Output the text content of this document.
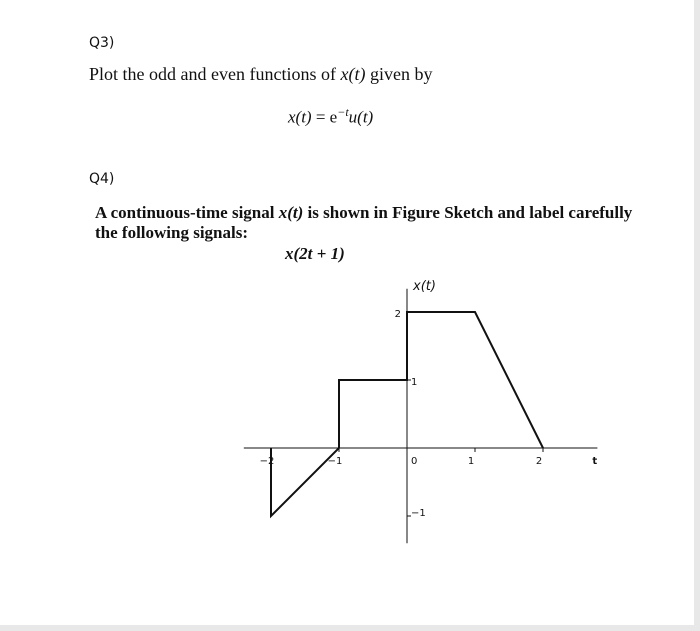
Q3)
Plot the odd and even functions of x(t) given by
$x(t) = e^{-t}u(t)$
Q4)
A continuous-time signal x(t) is shown in Figure Sketch and label carefully the following signals:
x(2t + 1)
−2	−1	0	1	2
2
1
−1
x(t)
t
